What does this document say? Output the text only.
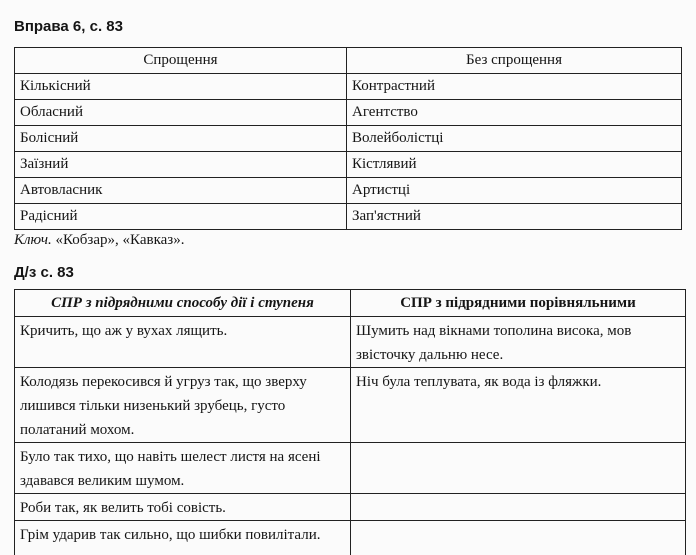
Вправа 6, с. 83
Спрощення	Без спрощення
Кількісний	Контрастний
Обласний	Агентство
Болісний	Волейболістці
Заїзний	Кістлявий
Автовласник	Артистці
Радісний	Зап'ястний
Ключ. «Кобзар», «Кавказ».
Д/з с. 83
СПР з підрядними способу дії і ступеня	СПР з підрядними порівняльними
Кричить, що аж у вухах лящить.	Шумить над вікнами тополина висока, мов звісточку дальню несе.
Колодязь перекосився й угруз так, що зверху лишився тільки низенький зрубець, густо полатаний мохом.	Ніч була теплувата, як вода із фляжки.
Було так тихо, що навіть шелест листя на ясені здавався великим шумом.	
Роби так, як велить тобі совість.	
Грім ударив так сильно, що шибки повилітали.	
